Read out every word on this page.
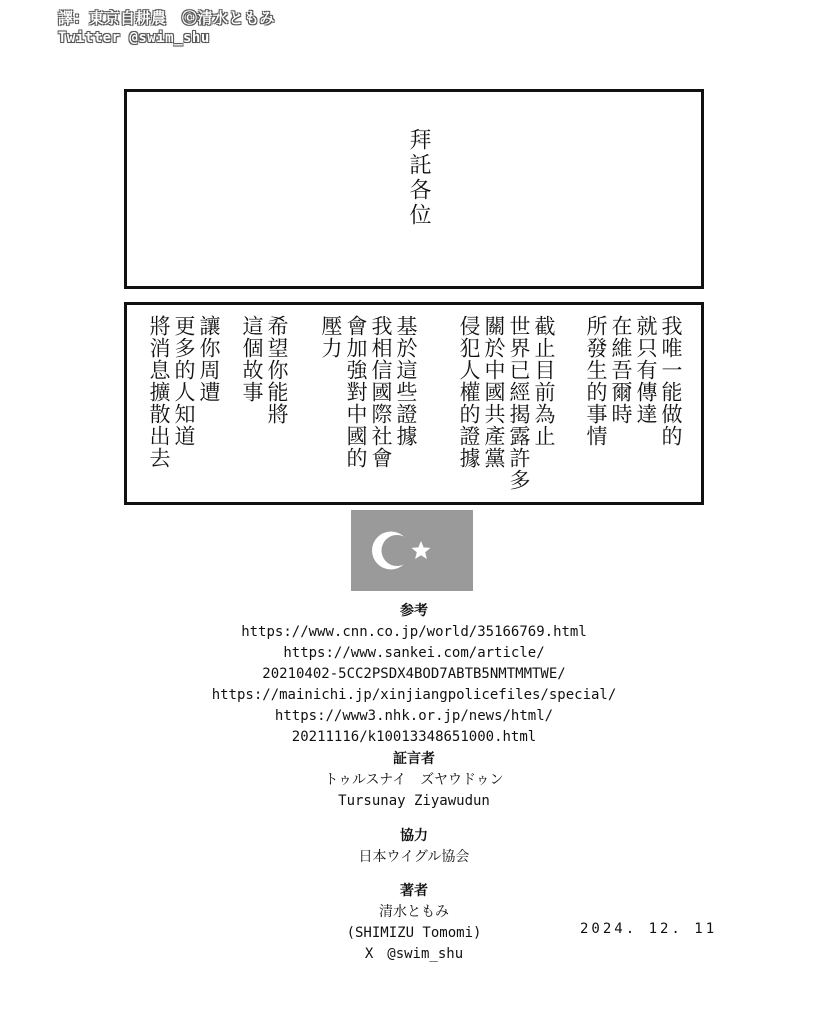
譯：東京自耕農　ⓒ清水ともみ
Twitter @swim_shu
拜託各位
我唯一能做的
就只有傳達
在維吾爾時
所發生的事情
截止目前為止
世界已經揭露許多
關於中國共產黨
侵犯人權的證據
基於這些證據
我相信國際社會
會加強對中國的
壓力
希望你能將
這個故事
讓你周遭
更多的人知道
將消息擴散出去
参考
https://www.cnn.co.jp/world/35166769.html
https://www.sankei.com/article/
20210402-5CC2PSDX4BOD7ABTB5NMTMMTWE/
https://mainichi.jp/xinjiangpolicefiles/special/
https://www3.nhk.or.jp/news/html/
20211116/k10013348651000.html
証言者
トゥルスナイ　ズヤウドゥン
Tursunay Ziyawudun
協力
日本ウイグル協会
著者
清水ともみ
(SHIMIZU Tomomi)
X　@swim_shu
2024. 12. 11
